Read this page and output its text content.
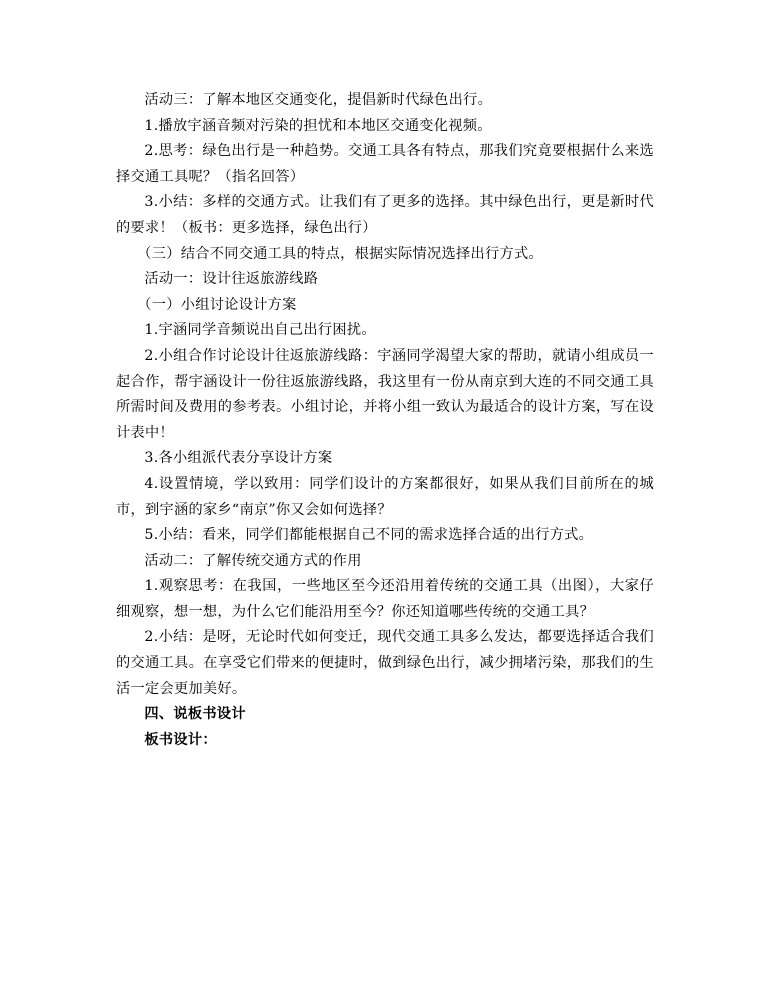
活动三：了解本地区交通变化，提倡新时代绿色出行。

1.播放宇涵音频对污染的担忧和本地区交通变化视频。

2.思考：绿色出行是一种趋势。交通工具各有特点，那我们究竟要根据什么来选择交通工具呢？（指名回答）

3.小结：多样的交通方式。让我们有了更多的选择。其中绿色出行，更是新时代的要求！（板书：更多选择，绿色出行）

（三）结合不同交通工具的特点，根据实际情况选择出行方式。

活动一：设计往返旅游线路

（一）小组讨论设计方案

1.宇涵同学音频说出自己出行困扰。

2.小组合作讨论设计往返旅游线路：宇涵同学渴望大家的帮助，就请小组成员一起合作，帮宇涵设计一份往返旅游线路，我这里有一份从南京到大连的不同交通工具所需时间及费用的参考表。小组讨论，并将小组一致认为最适合的设计方案，写在设计表中！

3.各小组派代表分享设计方案

4.设置情境，学以致用：同学们设计的方案都很好，如果从我们目前所在的城市，到宇涵的家乡“南京”你又会如何选择？

5.小结：看来，同学们都能根据自己不同的需求选择合适的出行方式。

活动二：了解传统交通方式的作用

1.观察思考：在我国，一些地区至今还沿用着传统的交通工具（出图），大家仔细观察，想一想，为什么它们能沿用至今？你还知道哪些传统的交通工具？

2.小结：是呀，无论时代如何变迁，现代交通工具多么发达，都要选择适合我们的交通工具。在享受它们带来的便捷时，做到绿色出行，减少拥堵污染，那我们的生活一定会更加美好。

四、说板书设计

板书设计：
